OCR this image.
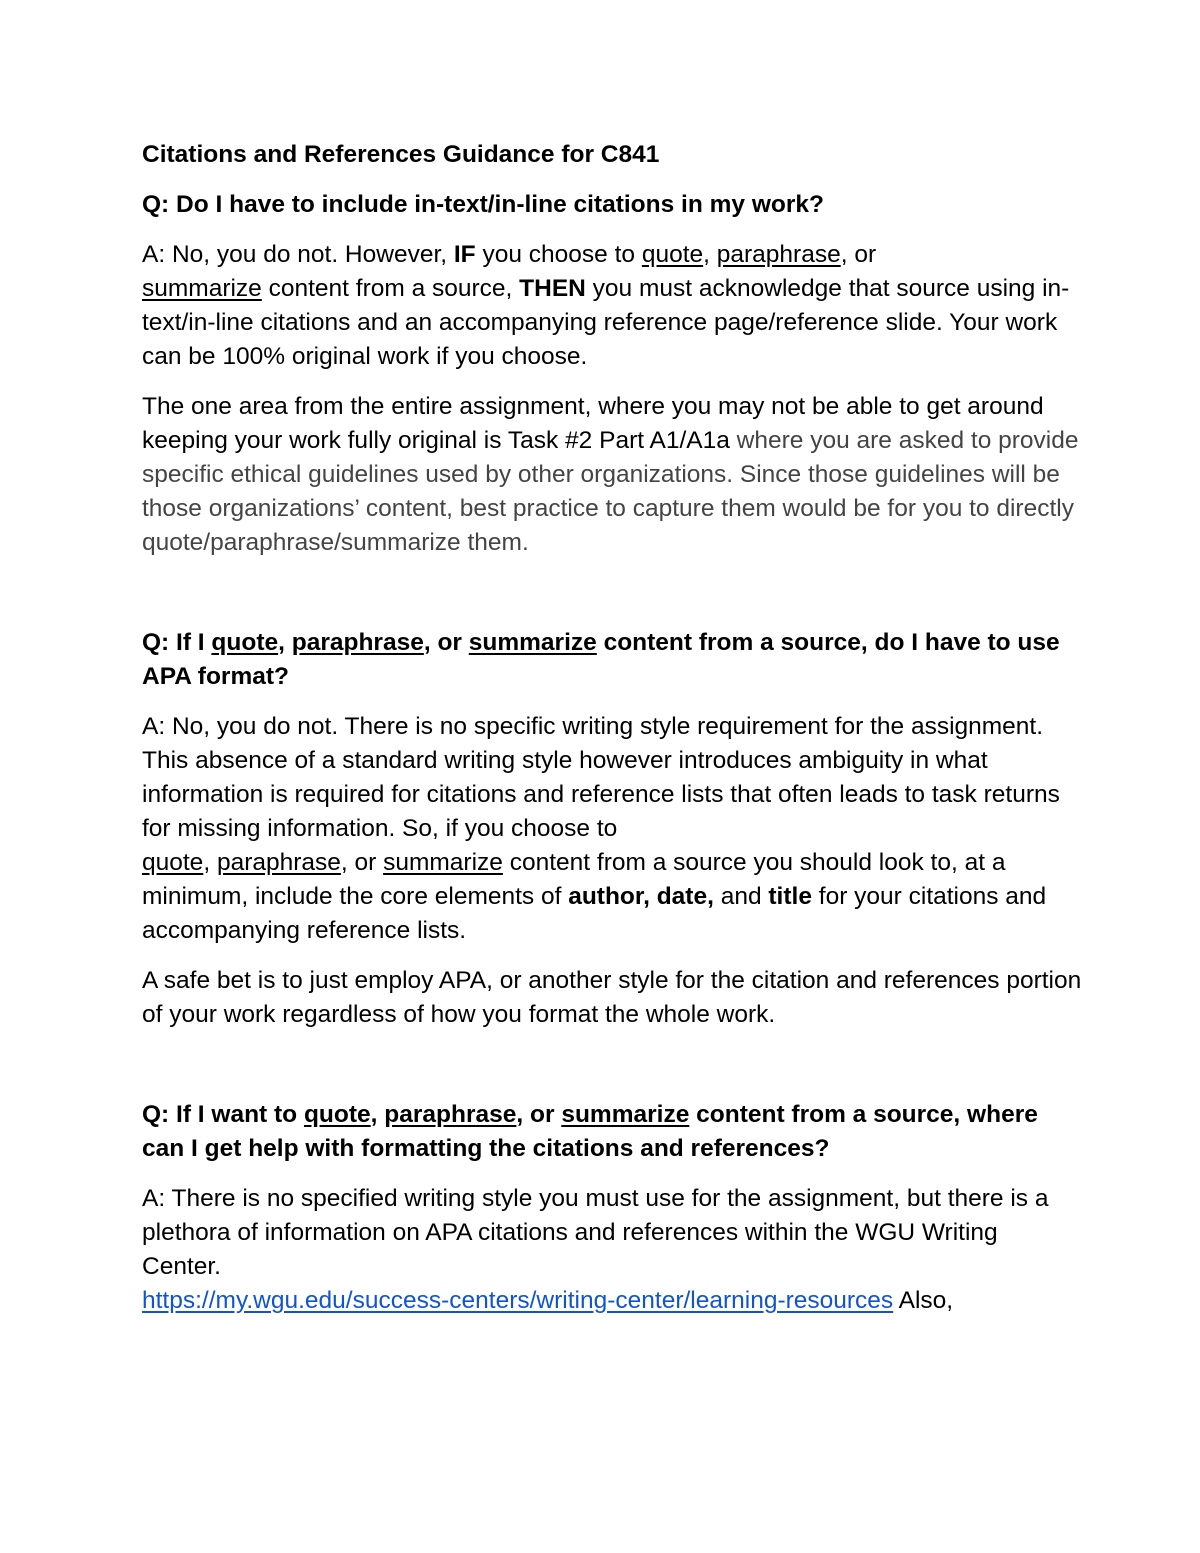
Citations and References Guidance for C841
Q: Do I have to include in-text/in-line citations in my work?
A: No, you do not. However, IF you choose to quote, paraphrase, or
summarize content from a source, THEN you must acknowledge that source using in-text/in-line citations and an accompanying reference page/reference slide. Your work can be 100% original work if you choose.
The one area from the entire assignment, where you may not be able to get around keeping your work fully original is Task #2 Part A1/A1a where you are asked to provide specific ethical guidelines used by other organizations. Since those guidelines will be those organizations’ content, best practice to capture them would be for you to directly quote/paraphrase/summarize them.
Q: If I quote, paraphrase, or summarize content from a source, do I have to use APA format?
A: No, you do not. There is no specific writing style requirement for the assignment. This absence of a standard writing style however introduces ambiguity in what information is required for citations and reference lists that often leads to task returns for missing information. So, if you choose to
quote, paraphrase, or summarize content from a source you should look to, at a minimum, include the core elements of author, date, and title for your citations and accompanying reference lists.
A safe bet is to just employ APA, or another style for the citation and references portion of your work regardless of how you format the whole work.
Q: If I want to quote, paraphrase, or summarize content from a source, where can I get help with formatting the citations and references?
A: There is no specified writing style you must use for the assignment, but there is a plethora of information on APA citations and references within the WGU Writing Center.
https://my.wgu.edu/success-centers/writing-center/learning-resources Also,
